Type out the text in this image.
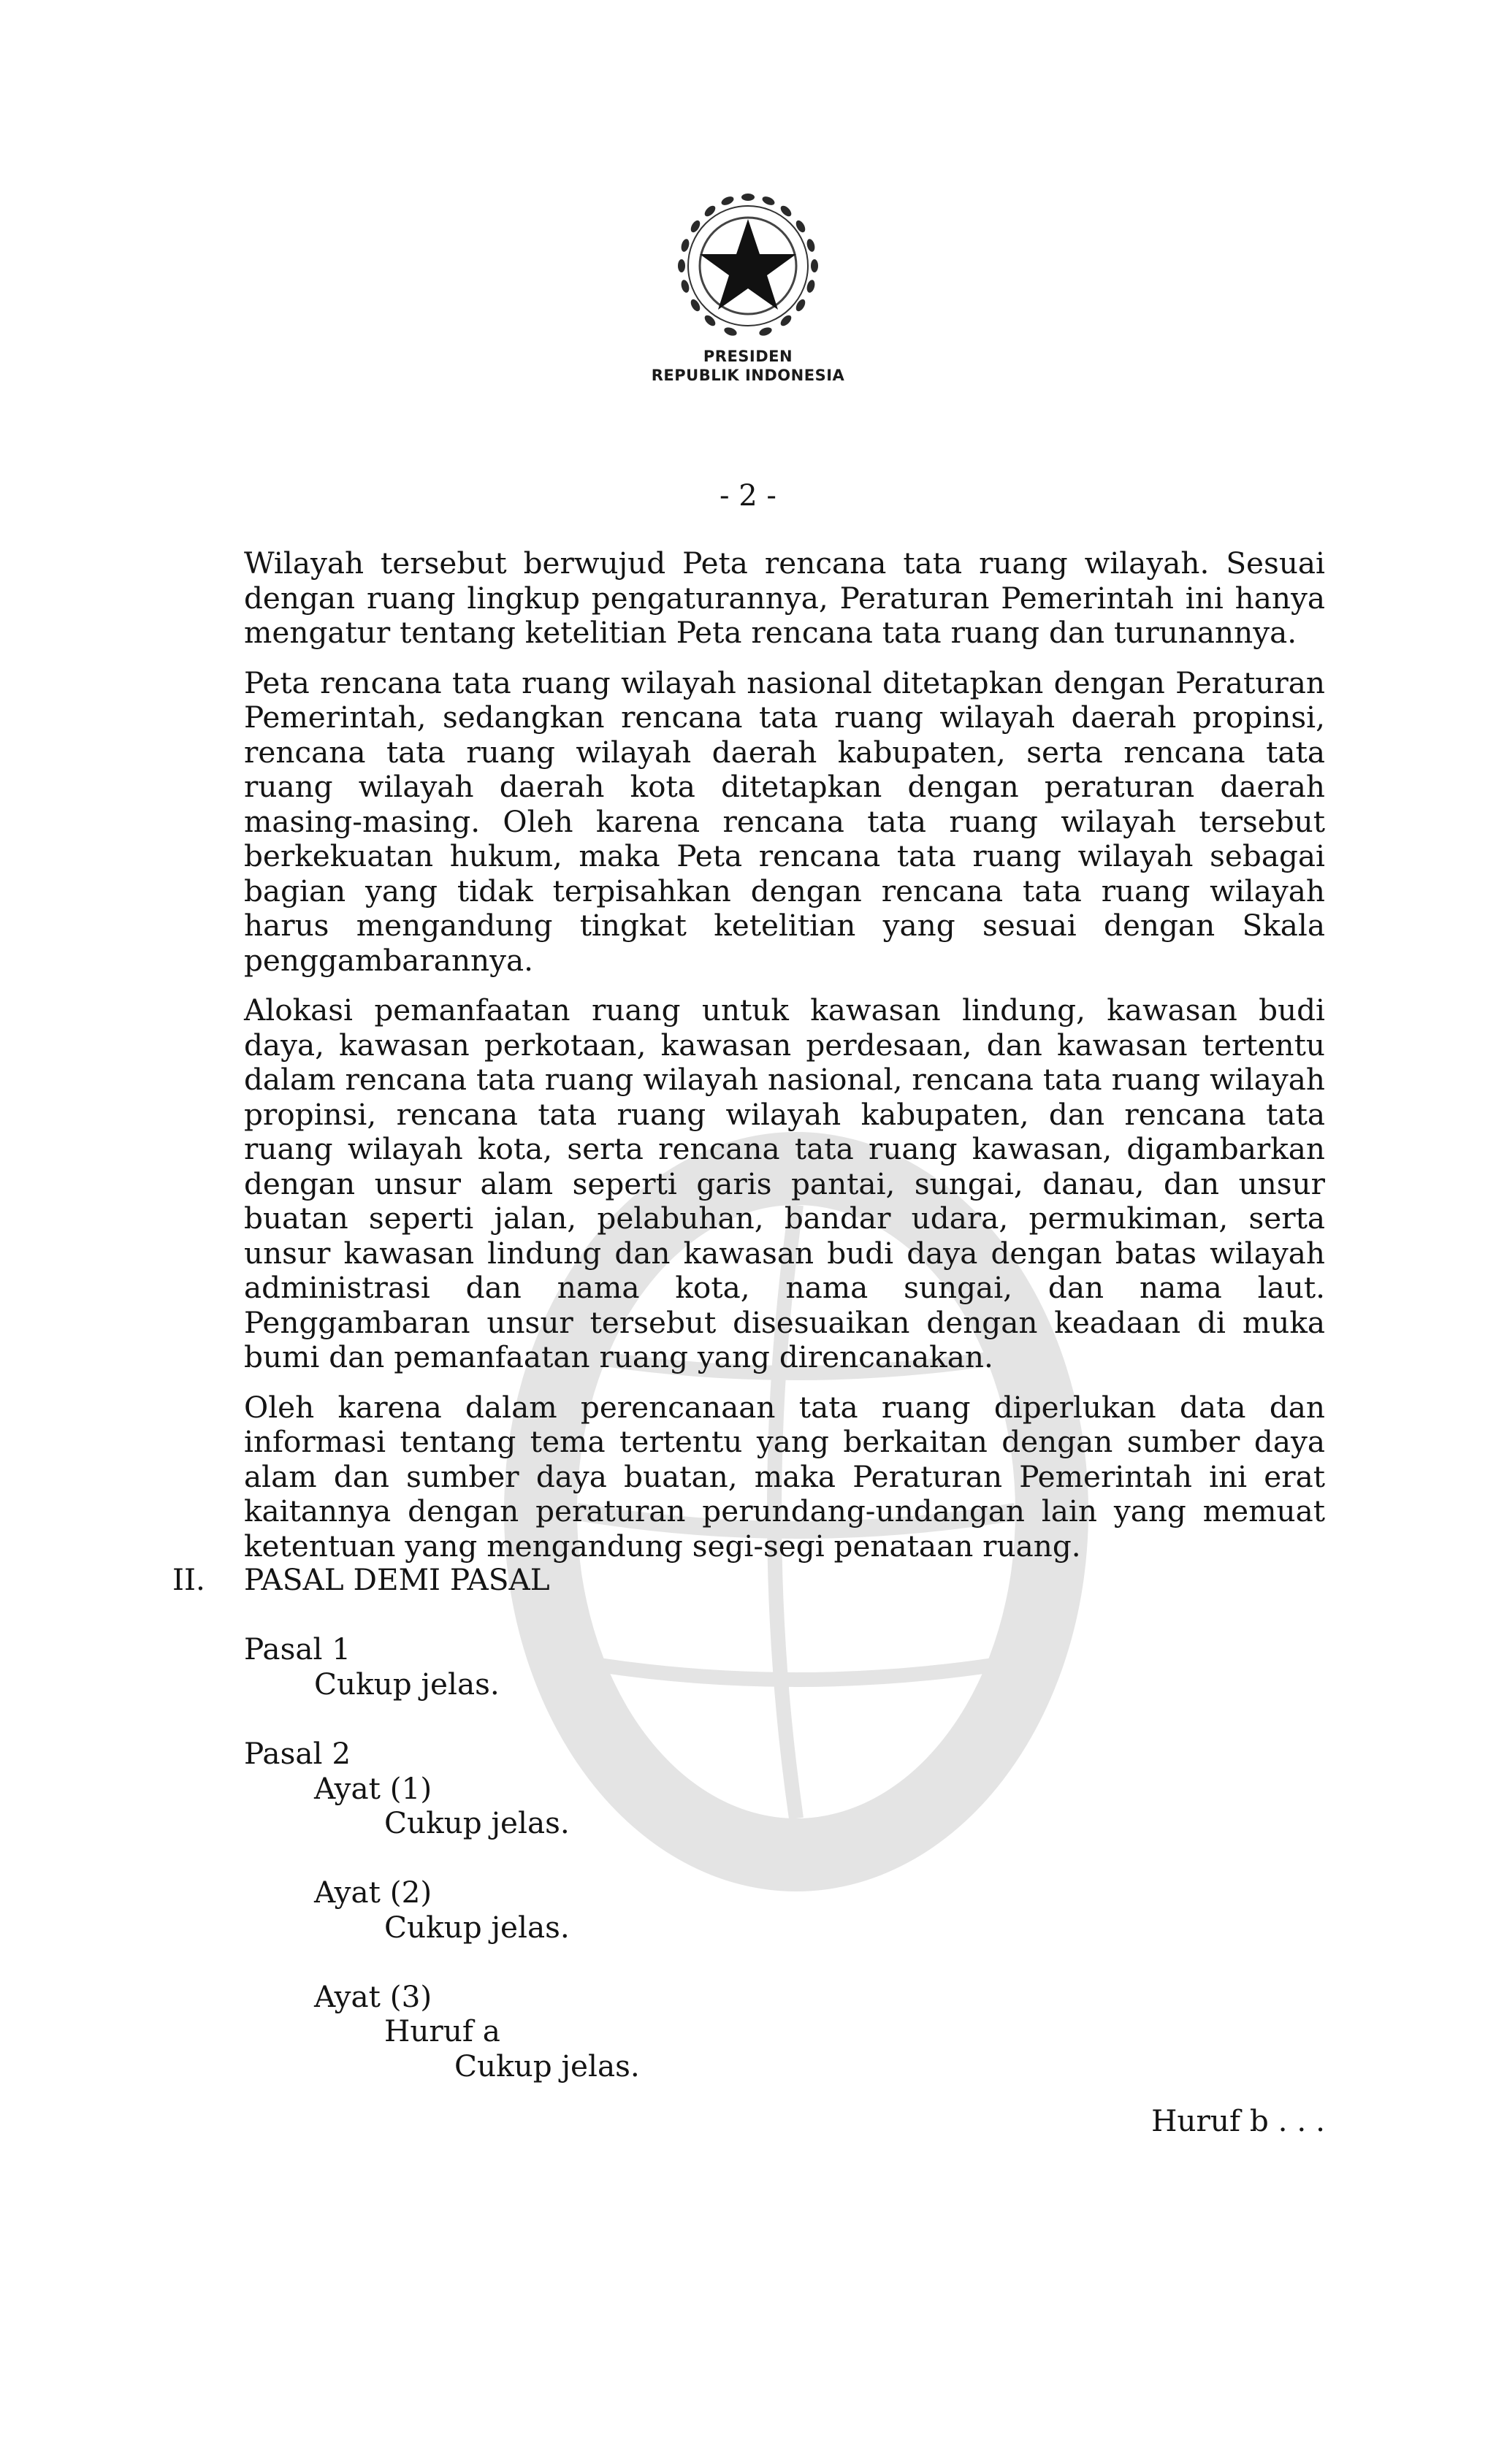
PRESIDEN
REPUBLIK INDONESIA
- 2 -

Wilayah tersebut berwujud Peta rencana tata ruang wilayah. Sesuai dengan ruang lingkup pengaturannya, Peraturan Pemerintah ini hanya mengatur tentang ketelitian Peta rencana tata ruang dan turunannya.

Peta rencana tata ruang wilayah nasional ditetapkan dengan Peraturan Pemerintah, sedangkan rencana tata ruang wilayah daerah propinsi, rencana tata ruang wilayah daerah kabupaten, serta rencana tata ruang wilayah daerah kota ditetapkan dengan peraturan daerah masing-masing. Oleh karena rencana tata ruang wilayah tersebut berkekuatan hukum, maka Peta rencana tata ruang wilayah sebagai bagian yang tidak terpisahkan dengan rencana tata ruang wilayah harus mengandung tingkat ketelitian yang sesuai dengan Skala penggambarannya.

Alokasi pemanfaatan ruang untuk kawasan lindung, kawasan budi daya, kawasan perkotaan, kawasan perdesaan, dan kawasan tertentu dalam rencana tata ruang wilayah nasional, rencana tata ruang wilayah propinsi, rencana tata ruang wilayah kabupaten, dan rencana tata ruang wilayah kota, serta rencana tata ruang kawasan, digambarkan dengan unsur alam seperti garis pantai, sungai, danau, dan unsur buatan seperti jalan, pelabuhan, bandar udara, permukiman, serta unsur kawasan lindung dan kawasan budi daya dengan batas wilayah administrasi dan nama kota, nama sungai, dan nama laut. Penggambaran unsur tersebut disesuaikan dengan keadaan di muka bumi dan pemanfaatan ruang yang direncanakan.

Oleh karena dalam perencanaan tata ruang diperlukan data dan informasi tentang tema tertentu yang berkaitan dengan sumber daya alam dan sumber daya buatan, maka Peraturan Pemerintah ini erat kaitannya dengan peraturan perundang-undangan lain yang memuat ketentuan yang mengandung segi-segi penataan ruang.

II. PASAL DEMI PASAL
Pasal 1
Cukup jelas.
Pasal 2
Ayat (1)
Cukup jelas.
Ayat (2)
Cukup jelas.
Ayat (3)
Huruf a
Cukup jelas.
Huruf b . . .
